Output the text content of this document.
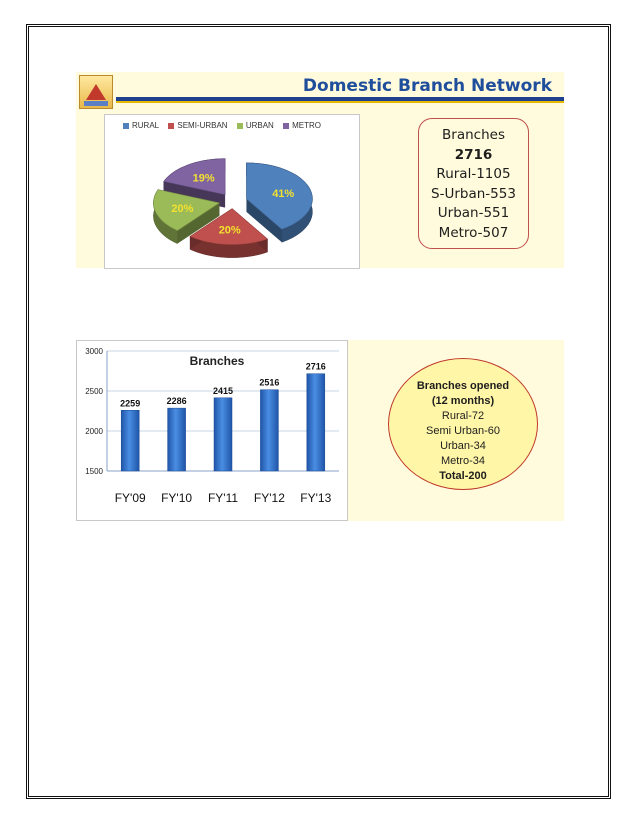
Domestic Branch Network
RURAL SEMI-URBAN URBAN METRO
19%
41%
20%
20%
Branches
2716
Rural-1105
S-Urban-553
Urban-551
Metro-507
3000
2500
2000
1500
Branches
2259
FY'09
2286
FY'10
2415
FY'11
2516
FY'12
2716
FY'13
Branches opened
(12 months)
Rural-72
Semi Urban-60
Urban-34
Metro-34
Total-200
